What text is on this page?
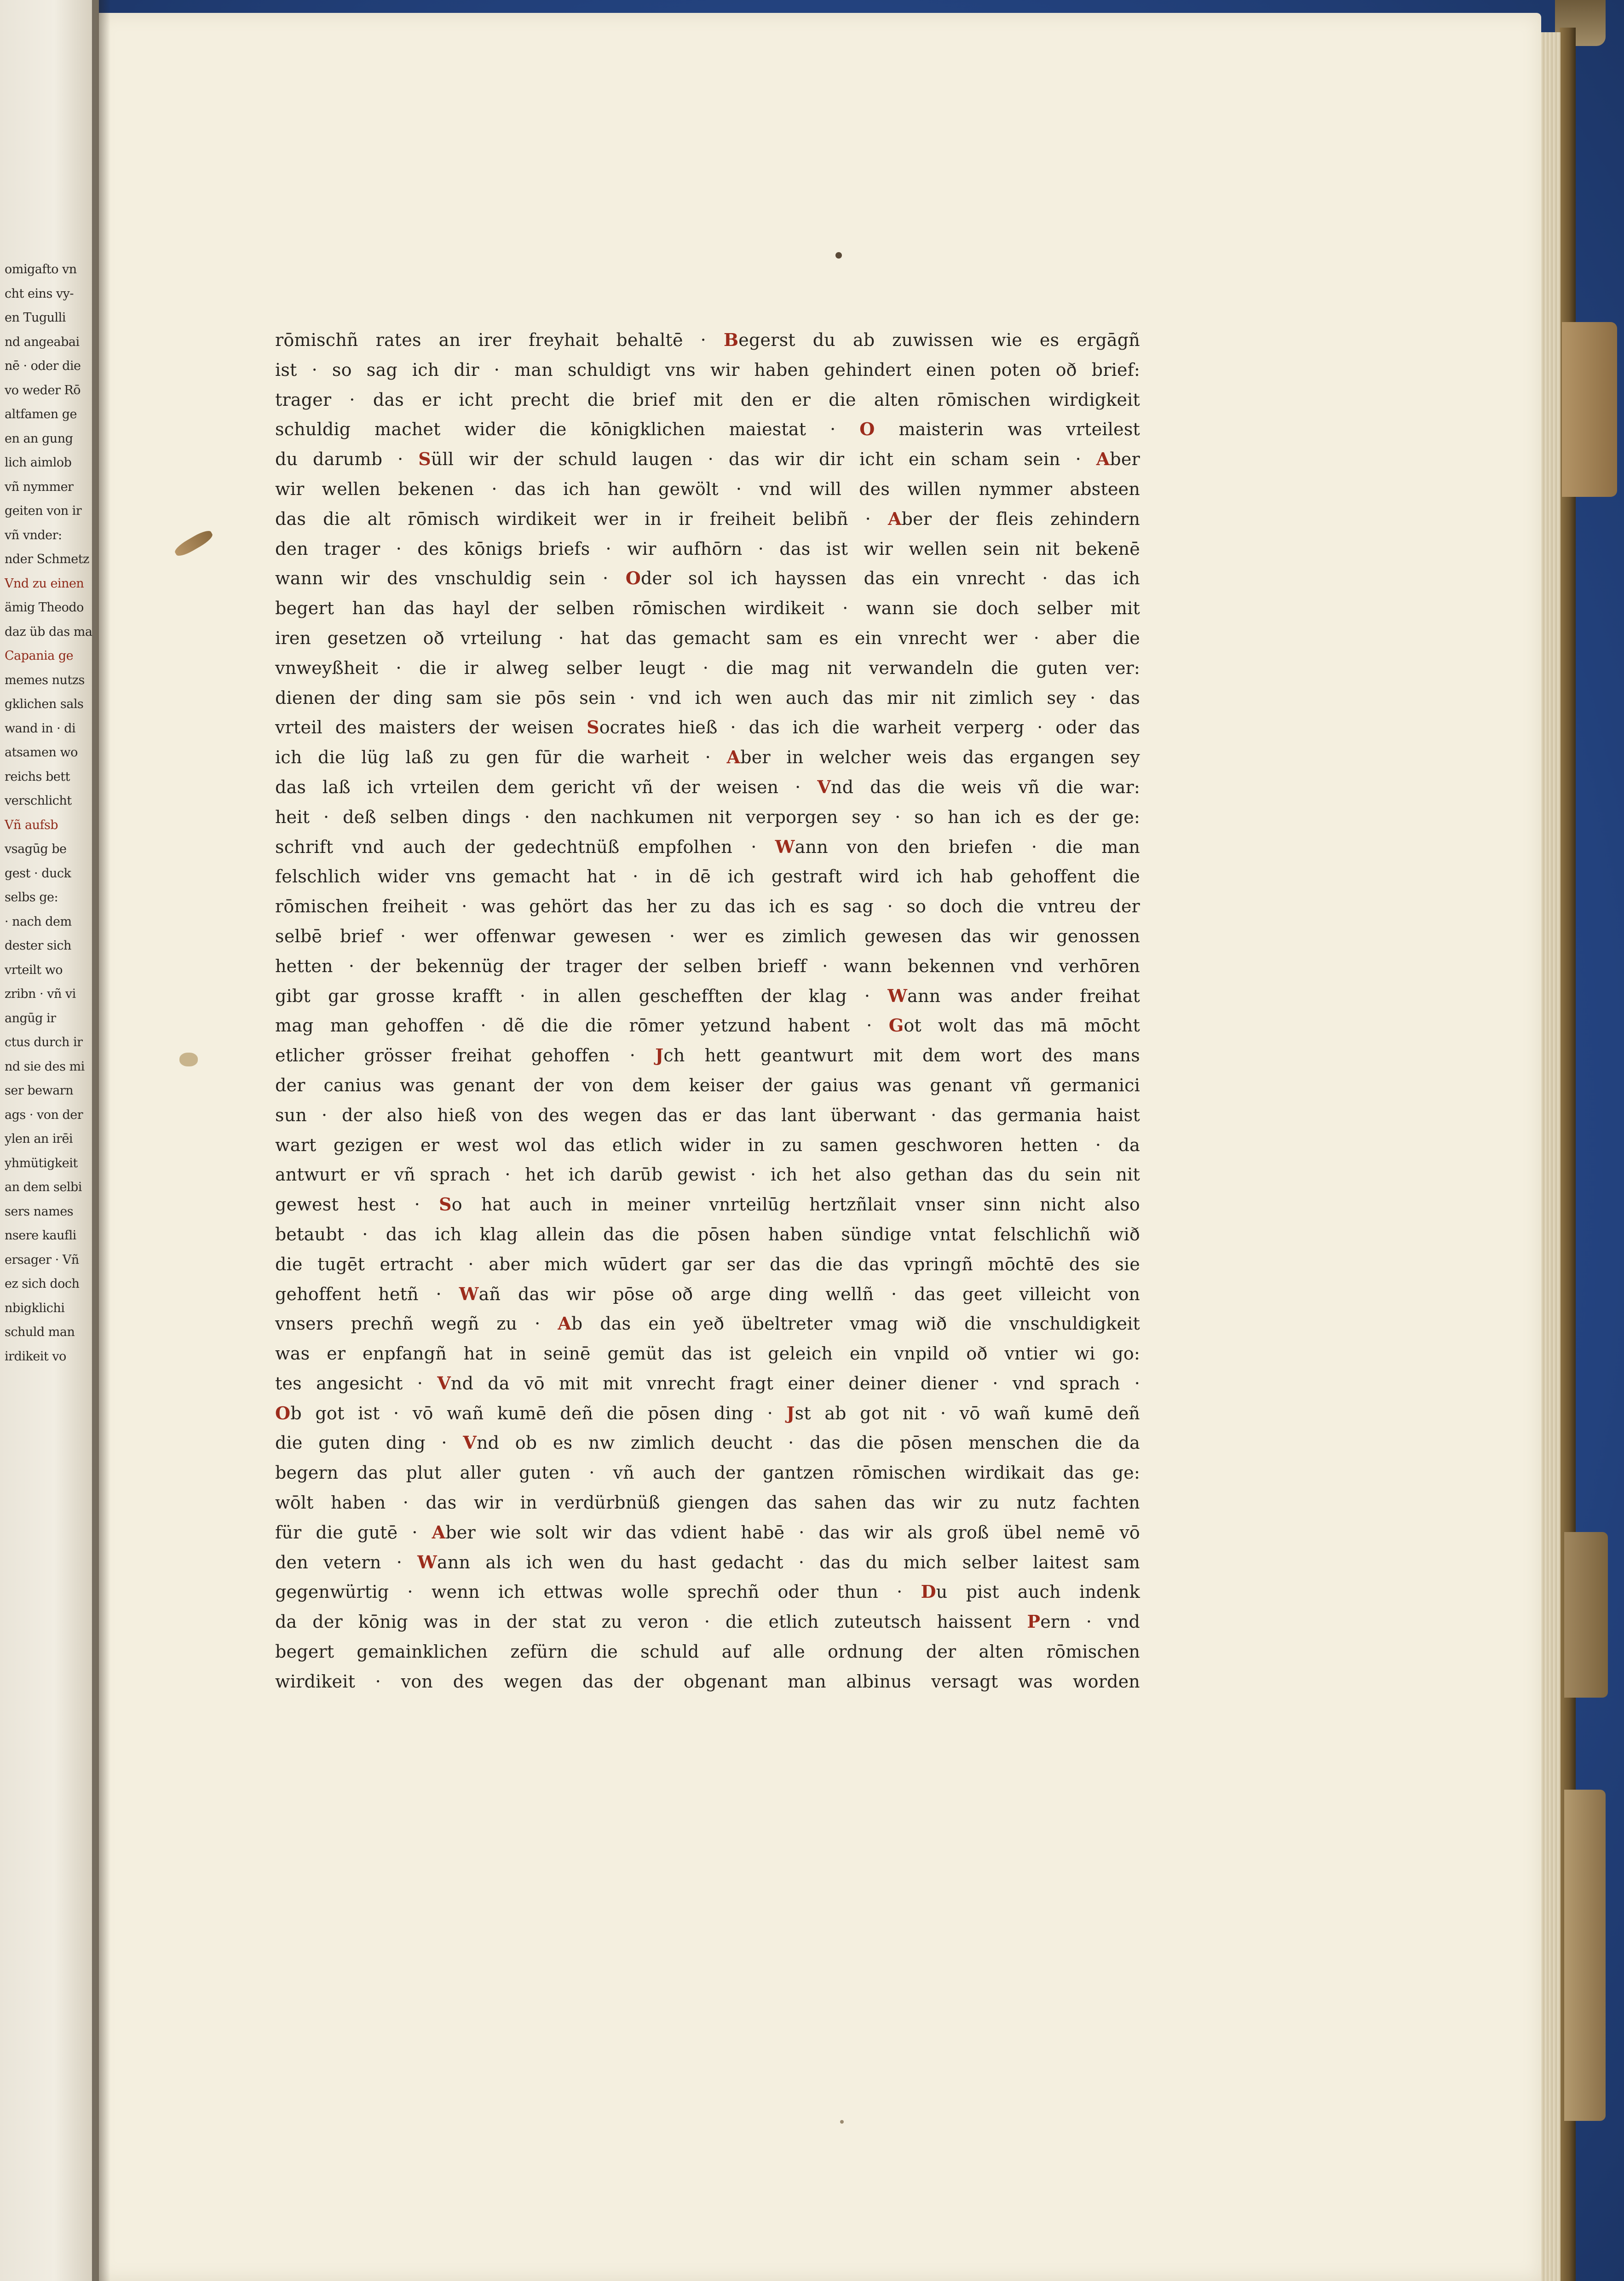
omigafto vn
cht eins vy-
en Tugulli
nd angeabai
nē · oder die
vo weder Rō
altfamen ge
en an gung
lich aimlob
vñ nymmer
geiten von ir
vñ vnder:
nder Schmetz
Vnd zu einen
ämig Theodo
daz üb das ma
Capania ge
memes nutzs
gklichen sals
wand in · di
atsamen wo
reichs bett
verschlicht
Vñ aufsb
vsagūg be
gest · duck
selbs ge:
· nach dem
dester sich
vrteilt wo
zribn · vñ vi
angūg ir
ctus durch ir
nd sie des mi
ser bewarn
ags · von der
ylen an irēi
yhmütigkeit
an dem selbi
sers names
nsere kaufli
ersager · Vñ
ez sich doch
nbigklichi
schuld man
irdikeit vo
rōmischñ rates an irer freyhait behaltē · Begerst du ab zuwissen wie es ergāgñ
ist · so sag ich dir · man schuldigt vns wir haben gehindert einen poten oð brief:
trager · das er icht precht die brief mit den er die alten rōmischen wirdigkeit
schuldig machet wider die kōnigklichen maiestat · O maisterin was vrteilest
du darumb · Süll wir der schuld laugen · das wir dir icht ein scham sein · Aber
wir wellen bekenen · das ich han gewölt · vnd will des willen nymmer absteen
das die alt rōmisch wirdikeit wer in ir freiheit belibñ · Aber der fleis zehindern
den trager · des kōnigs briefs · wir aufhōrn · das ist wir wellen sein nit bekenē
wann wir des vnschuldig sein · Oder sol ich hayssen das ein vnrecht · das ich
begert han das hayl der selben rōmischen wirdikeit · wann sie doch selber mit
iren gesetzen oð vrteilung · hat das gemacht sam es ein vnrecht wer · aber die
vnweyßheit · die ir alweg selber leugt · die mag nit verwandeln die guten ver:
dienen der ding sam sie pōs sein · vnd ich wen auch das mir nit zimlich sey · das
vrteil des maisters der weisen Socrates hieß · das ich die warheit verperg · oder das
ich die lüg laß zu gen fūr die warheit · Aber in welcher weis das ergangen sey
das laß ich vrteilen dem gericht vñ der weisen · Vnd das die weis vñ die war:
heit · deß selben dings · den nachkumen nit verporgen sey · so han ich es der ge:
schrift vnd auch der gedechtnüß empfolhen · Wann von den briefen · die man
felschlich wider vns gemacht hat · in dē ich gestraft wird ich hab gehoffent die
rōmischen freiheit · was gehört das her zu das ich es sag · so doch die vntreu der
selbē brief · wer offenwar gewesen · wer es zimlich gewesen das wir genossen
hetten · der bekennüg der trager der selben brieff · wann bekennen vnd verhōren
gibt gar grosse krafft · in allen geschefften der klag · Wann was ander freihat
mag man gehoffen · dẽ die die rōmer yetzund habent · Got wolt das mā mōcht
etlicher grösser freihat gehoffen · Jch hett geantwurt mit dem wort des mans
der canius was genant der von dem keiser der gaius was genant vñ germanici
sun · der also hieß von des wegen das er das lant überwant · das germania haist
wart gezigen er west wol das etlich wider in zu samen geschworen hetten · da
antwurt er vñ sprach · het ich darūb gewist · ich het also gethan das du sein nit
gewest hest · So hat auch in meiner vnrteilūg hertzñlait vnser sinn nicht also
betaubt · das ich klag allein das die pōsen haben sündige vntat felschlichñ wið
die tugēt ertracht · aber mich wūdert gar ser das die das vpringñ mōchtē des sie
gehoffent hetñ · Wañ das wir pōse oð arge ding wellñ · das geet villeicht von
vnsers prechñ wegñ zu · Ab das ein yeð übeltreter vmag wið die vnschuldigkeit
was er enpfangñ hat in seinē gemüt das ist geleich ein vnpild oð vntier wi go:
tes angesicht · Vnd da vō mit mit vnrecht fragt einer deiner diener · vnd sprach ·
Ob got ist · vō wañ kumē deñ die pōsen ding · Jst ab got nit · vō wañ kumē deñ
die guten ding · Vnd ob es nw zimlich deucht · das die pōsen menschen die da
begern das plut aller guten · vñ auch der gantzen rōmischen wirdikait das ge:
wōlt haben · das wir in verdürbnüß giengen das sahen das wir zu nutz fachten
für die gutē · Aber wie solt wir das vdient habē · das wir als groß übel nemē vō
den vetern · Wann als ich wen du hast gedacht · das du mich selber laitest sam
gegenwürtig · wenn ich ettwas wolle sprechñ oder thun · Du pist auch indenk
da der kōnig was in der stat zu veron · die etlich zuteutsch haissent Pern · vnd
begert gemainklichen zefürn die schuld auf alle ordnung der alten rōmischen
wirdikeit · von des wegen das der obgenant man albinus versagt was worden
